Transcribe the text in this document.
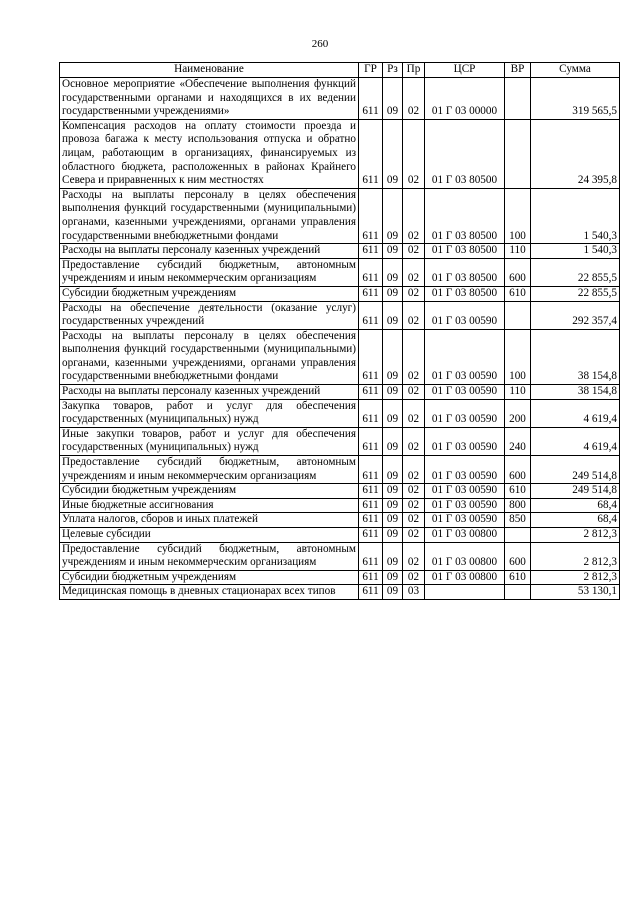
260
Наименование	ГР	Рз	Пр	ЦСР	ВР	Сумма
Основное мероприятие «Обеспечение выполнения функций государственными органами и находящихся в их ведении государственными учреждениями»	611	09	02	01 Г 03 00000		319 565,5
Компенсация расходов на оплату стоимости проезда и провоза багажа к месту использования отпуска и обратно лицам, работающим в организациях, финансируемых из областного бюджета, расположенных в районах Крайнего Севера и приравненных к ним местностях	611	09	02	01 Г 03 80500		24 395,8
Расходы на выплаты персоналу в целях обеспечения выполнения функций государственными (муниципальными) органами, казенными учреждениями, органами управления государственными внебюджетными фондами	611	09	02	01 Г 03 80500	100	1 540,3
Расходы на выплаты персоналу казенных учреждений	611	09	02	01 Г 03 80500	110	1 540,3
Предоставление субсидий бюджетным, автономным учреждениям и иным некоммерческим организациям	611	09	02	01 Г 03 80500	600	22 855,5
Субсидии бюджетным учреждениям	611	09	02	01 Г 03 80500	610	22 855,5
Расходы на обеспечение деятельности (оказание услуг) государственных учреждений	611	09	02	01 Г 03 00590		292 357,4
Расходы на выплаты персоналу в целях обеспечения выполнения функций государственными (муниципальными) органами, казенными учреждениями, органами управления государственными внебюджетными фондами	611	09	02	01 Г 03 00590	100	38 154,8
Расходы на выплаты персоналу казенных учреждений	611	09	02	01 Г 03 00590	110	38 154,8
Закупка товаров, работ и услуг для обеспечения государственных (муниципальных) нужд	611	09	02	01 Г 03 00590	200	4 619,4
Иные закупки товаров, работ и услуг для обеспечения государственных (муниципальных) нужд	611	09	02	01 Г 03 00590	240	4 619,4
Предоставление субсидий бюджетным, автономным учреждениям и иным некоммерческим организациям	611	09	02	01 Г 03 00590	600	249 514,8
Субсидии бюджетным учреждениям	611	09	02	01 Г 03 00590	610	249 514,8
Иные бюджетные ассигнования	611	09	02	01 Г 03 00590	800	68,4
Уплата налогов, сборов и иных платежей	611	09	02	01 Г 03 00590	850	68,4
Целевые субсидии	611	09	02	01 Г 03 00800		2 812,3
Предоставление субсидий бюджетным, автономным учреждениям и иным некоммерческим организациям	611	09	02	01 Г 03 00800	600	2 812,3
Субсидии бюджетным учреждениям	611	09	02	01 Г 03 00800	610	2 812,3
Медицинская помощь в дневных стационарах всех типов	611	09	03			53 130,1
